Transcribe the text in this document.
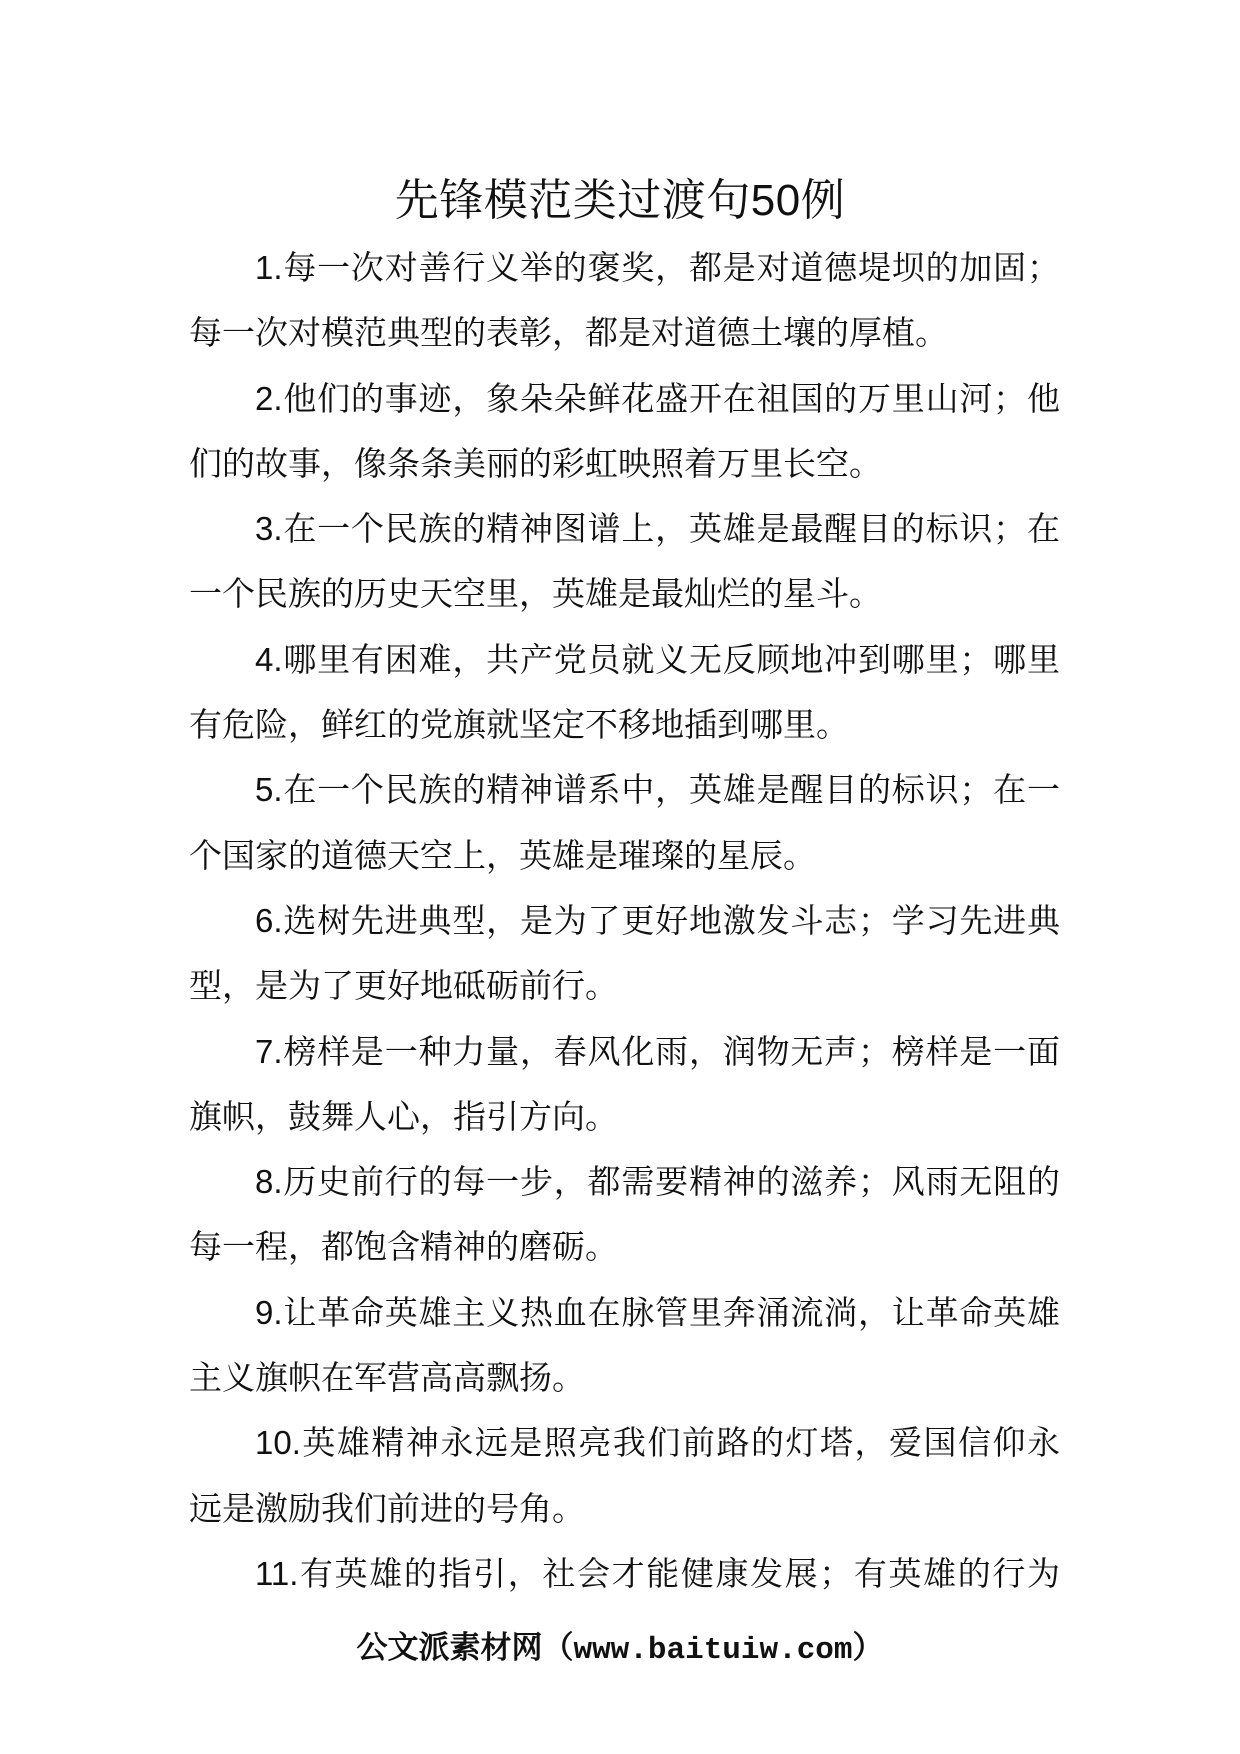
先锋模范类过渡句50例

1.每一次对善行义举的褒奖，都是对道德堤坝的加固；
每一次对模范典型的表彰，都是对道德土壤的厚植。

2.他们的事迹，象朵朵鲜花盛开在祖国的万里山河；他
们的故事，像条条美丽的彩虹映照着万里长空。

3.在一个民族的精神图谱上，英雄是最醒目的标识；在
一个民族的历史天空里，英雄是最灿烂的星斗。

4.哪里有困难，共产党员就义无反顾地冲到哪里；哪里
有危险，鲜红的党旗就坚定不移地插到哪里。

5.在一个民族的精神谱系中，英雄是醒目的标识；在一
个国家的道德天空上，英雄是璀璨的星辰。

6.选树先进典型，是为了更好地激发斗志；学习先进典
型，是为了更好地砥砺前行。

7.榜样是一种力量，春风化雨，润物无声；榜样是一面
旗帜，鼓舞人心，指引方向。

8.历史前行的每一步，都需要精神的滋养；风雨无阻的
每一程，都饱含精神的磨砺。

9.让革命英雄主义热血在脉管里奔涌流淌，让革命英雄
主义旗帜在军营高高飘扬。

10.英雄精神永远是照亮我们前路的灯塔，爱国信仰永
远是激励我们前进的号角。

11.有英雄的指引，社会才能健康发展；有英雄的行为

公文派素材网（www.baituiw.com）
